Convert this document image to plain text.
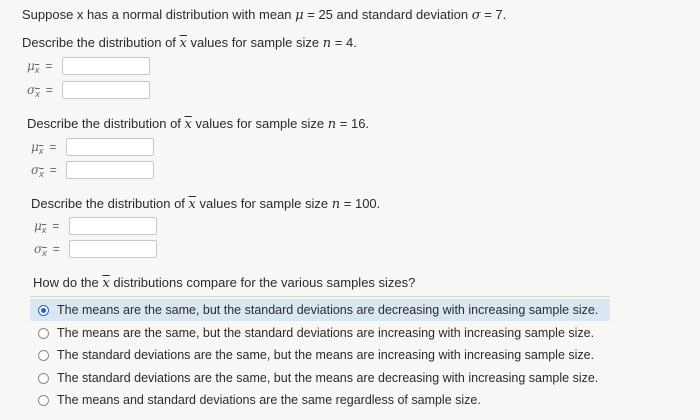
Suppose x has a normal distribution with mean μ = 25 and standard deviation σ = 7.
Describe the distribution of $\overline{x}$ values for sample size n = 4.
$\mu_{\overline{x}}$ =
$\sigma_{\overline{x}}$ =
Describe the distribution of $\overline{x}$ values for sample size n = 16.
$\mu_{\overline{x}}$ =
$\sigma_{\overline{x}}$ =
Describe the distribution of $\overline{x}$ values for sample size n = 100.
$\mu_{\overline{x}}$ =
$\sigma_{\overline{x}}$ =
How do the $\overline{x}$ distributions compare for the various samples sizes?
The means are the same, but the standard deviations are decreasing with increasing sample size.
The means are the same, but the standard deviations are increasing with increasing sample size.
The standard deviations are the same, but the means are increasing with increasing sample size.
The standard deviations are the same, but the means are decreasing with increasing sample size.
The means and standard deviations are the same regardless of sample size.
